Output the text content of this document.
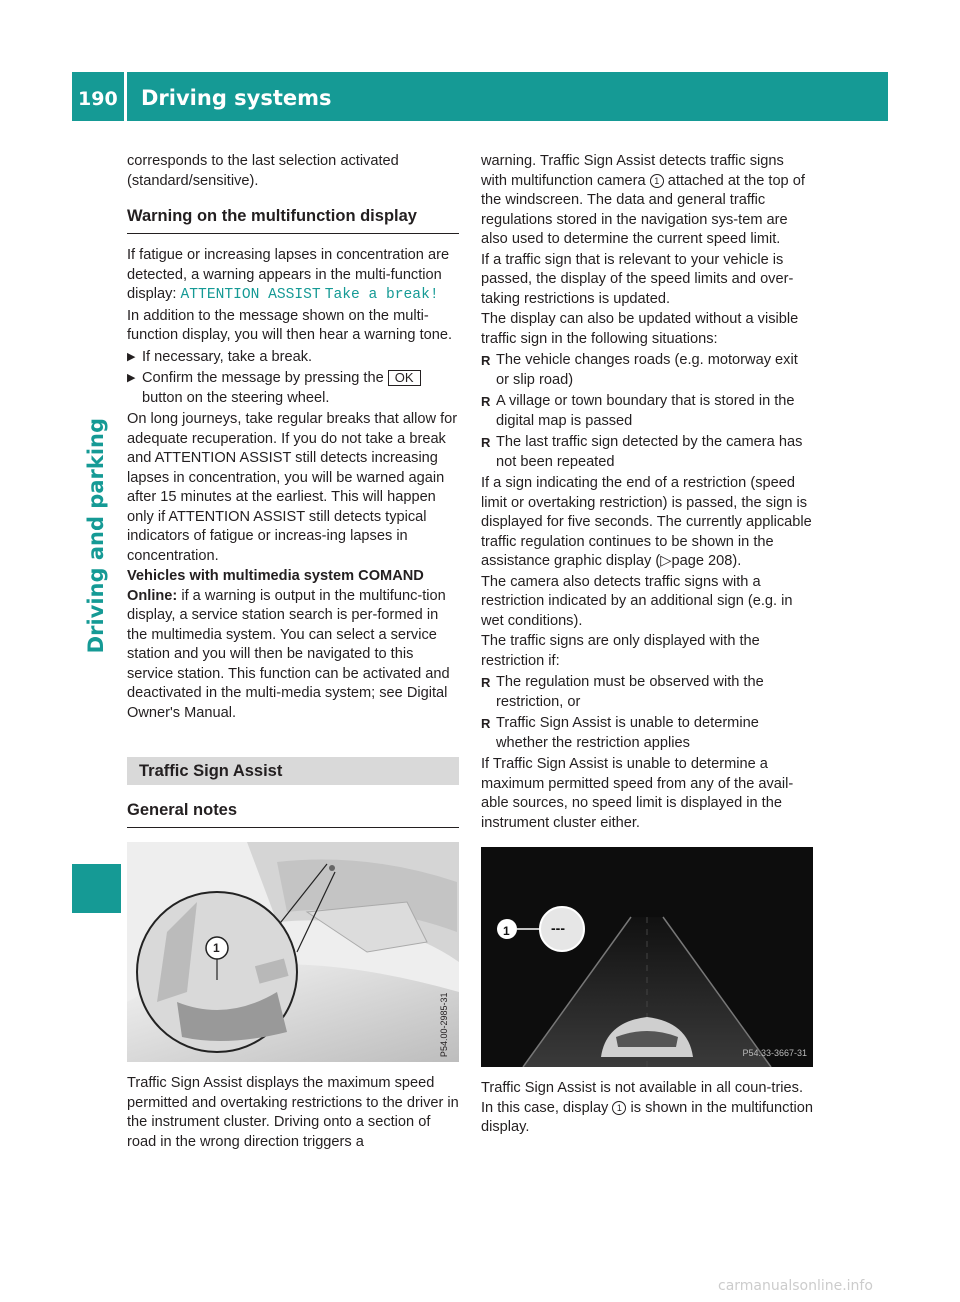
190 Driving systems
Driving and parking

corresponds to the last selection activated (standard/sensitive).

Warning on the multifunction display

If fatigue or increasing lapses in concentration are detected, a warning appears in the multi-function display: ATTENTION ASSIST Take a break!

In addition to the message shown on the multi-function display, you will then hear a warning tone.

▶ If necessary, take a break.
▶ Confirm the message by pressing the OK button on the steering wheel.

On long journeys, take regular breaks that allow for adequate recuperation. If you do not take a break and ATTENTION ASSIST still detects increasing lapses in concentration, you will be warned again after 15 minutes at the earliest. This will happen only if ATTENTION ASSIST still detects typical indicators of fatigue or increas-ing lapses in concentration.

Vehicles with multimedia system COMAND Online: if a warning is output in the multifunc-tion display, a service station search is per-formed in the multimedia system. You can select a service station and you will then be navigated to this service station. This function can be activated and deactivated in the multi-media system; see Digital Owner's Manual.

Traffic Sign Assist
General notes
P54.00-2985-31
1

Traffic Sign Assist displays the maximum speed permitted and overtaking restrictions to the driver in the instrument cluster. Driving onto a section of road in the wrong direction triggers a

warning. Traffic Sign Assist detects traffic signs with multifunction camera 1 attached at the top of the windscreen. The data and general traffic regulations stored in the navigation sys-tem are also used to determine the current speed limit.

If a traffic sign that is relevant to your vehicle is passed, the display of the speed limits and over-taking restrictions is updated.

The display can also be updated without a visible traffic sign in the following situations:

R The vehicle changes roads (e.g. motorway exit or slip road)
R A village or town boundary that is stored in the digital map is passed
R The last traffic sign detected by the camera has not been repeated

If a sign indicating the end of a restriction (speed limit or overtaking restriction) is passed, the sign is displayed for five seconds. The currently applicable traffic regulation continues to be shown in the assistance graphic display (▷page 208).

The camera also detects traffic signs with a restriction indicated by an additional sign (e.g. in wet conditions).

The traffic signs are only displayed with the restriction if:

R The regulation must be observed with the restriction, or
R Traffic Sign Assist is unable to determine whether the restriction applies

If Traffic Sign Assist is unable to determine a maximum permitted speed from any of the avail-able sources, no speed limit is displayed in the instrument cluster either.

1	---
P54.33-3667-31

Traffic Sign Assist is not available in all coun-tries. In this case, display 1 is shown in the multifunction display.

carmanualsonline.info
